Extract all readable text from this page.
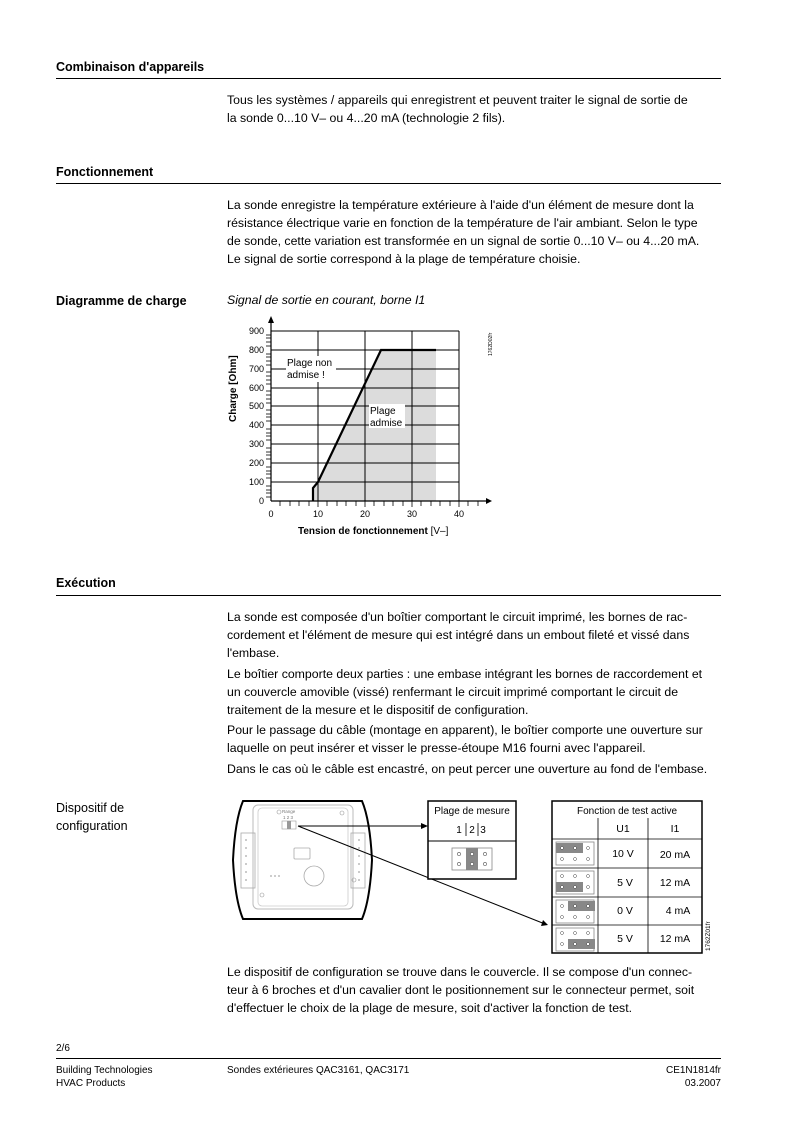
Combinaison d'appareils
Tous les systèmes / appareils qui enregistrent et peuvent traiter le signal de sortie de
la sonde 0...10 V– ou 4...20 mA (technologie 2 fils).
Fonctionnement
La sonde enregistre la température extérieure à l'aide d'un élément de mesure dont la
résistance électrique varie en fonction de la température de l'air ambiant. Selon le type
de sonde, cette variation est transformée en un signal de sortie 0...10 V– ou 4...20 mA.
Le signal de sortie correspond à la plage de température choisie.
Diagramme de charge	Signal de sortie en courant, borne I1
0
100
200
300
400
500
600
700
800
900
0	10	20	30	40
Plage non
admise !
Plage
admise
Tension de fonctionnement [V–]
Charge [Ohm]
1762D02fr
Exécution
La sonde est composée d'un boîtier comportant le circuit imprimé, les bornes de rac-
cordement et l'élément de mesure qui est intégré dans un embout fileté et vissé dans
l'embase.
Le boîtier comporte deux parties : une embase intégrant les bornes de raccordement et
un couvercle amovible (vissé) renfermant le circuit imprimé comportant le circuit de
traitement de la mesure et le dispositif de configuration.
Pour le passage du câble (montage en apparent), le boîtier comporte une ouverture sur
laquelle on peut insérer et visser le presse-étoupe M16 fourni avec l'appareil.
Dans le cas où le câble est encastré, on peut percer une ouverture au fond de l'embase.
Dispositif de
configuration
Range
1 2 3
Plage de mesure
1 2 3
Fonction de test active
U1	I1
10 V 20 mA
5 V	12 mA
0 V	4 mA
5 V	12 mA 1762Z01fr
Le dispositif de configuration se trouve dans le couvercle. Il se compose d'un connec-
teur à 6 broches et d'un cavalier dont le positionnement sur le connecteur permet, soit
d'effectuer le choix de la plage de mesure, soit d'activer la fonction de test.
2/6
Building Technologies
HVAC Products
Sondes extérieures QAC3161, QAC3171	CE1N1814fr
03.2007
